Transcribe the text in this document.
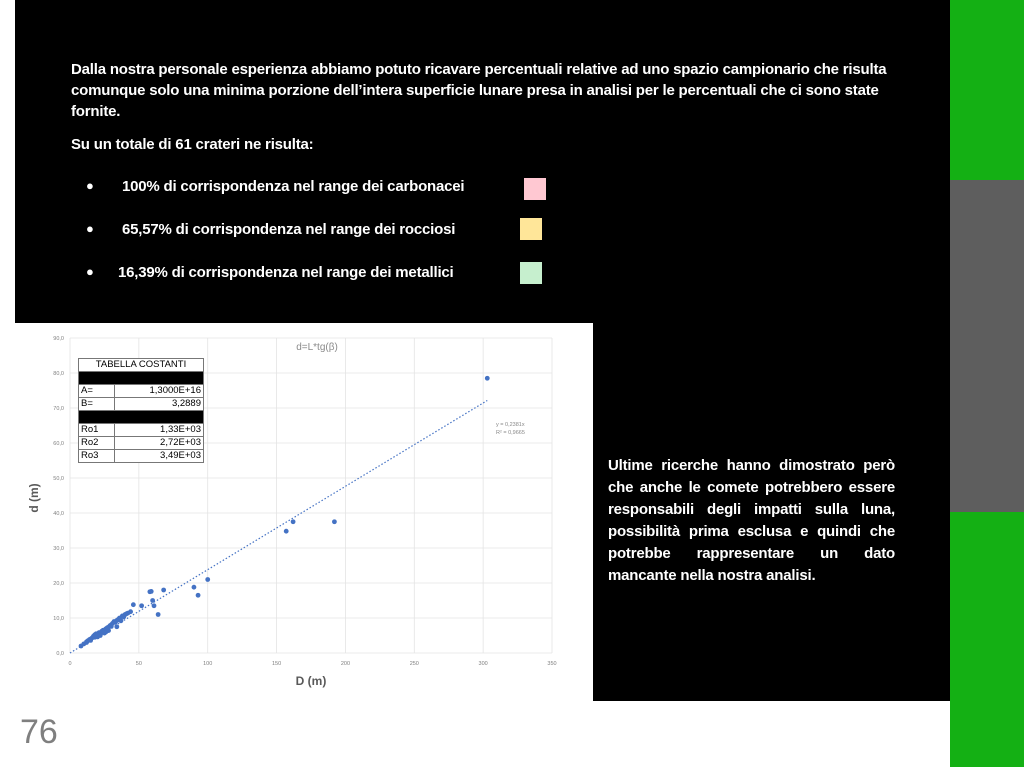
Dalla nostra personale esperienza abbiamo potuto ricavare percentuali relative ad uno spazio campionario che risulta comunque solo una minima porzione dell’intera superficie lunare presa in analisi per le percentuali che ci sono state fornite.
Su un totale di 61 crateri ne risulta:
● 100% di corrispondenza nel range dei carbonacei
● 65,57% di corrispondenza nel range dei rocciosi
● 16,39% di corrispondenza nel range dei metallici
0,0
10,0
20,0
30,0
40,0
50,0
60,0
70,0
80,0
90,0
0	50	100	150	200	250	300	350
d=L*tg(β)
y = 0,2381x
R² = 0,9665
D (m)
d (m)
TABELLA COSTANTI	

A=	1,3000E+16
B=	3,2889

Ro1	1,33E+03
Ro2	2,72E+03
Ro3	3,49E+03
Ultime ricerche hanno dimostrato però che anche le comete potrebbero essere responsabili degli impatti sulla luna, possibilità prima esclusa e quindi che potrebbe rappresentare un dato mancante nella nostra analisi.
76
